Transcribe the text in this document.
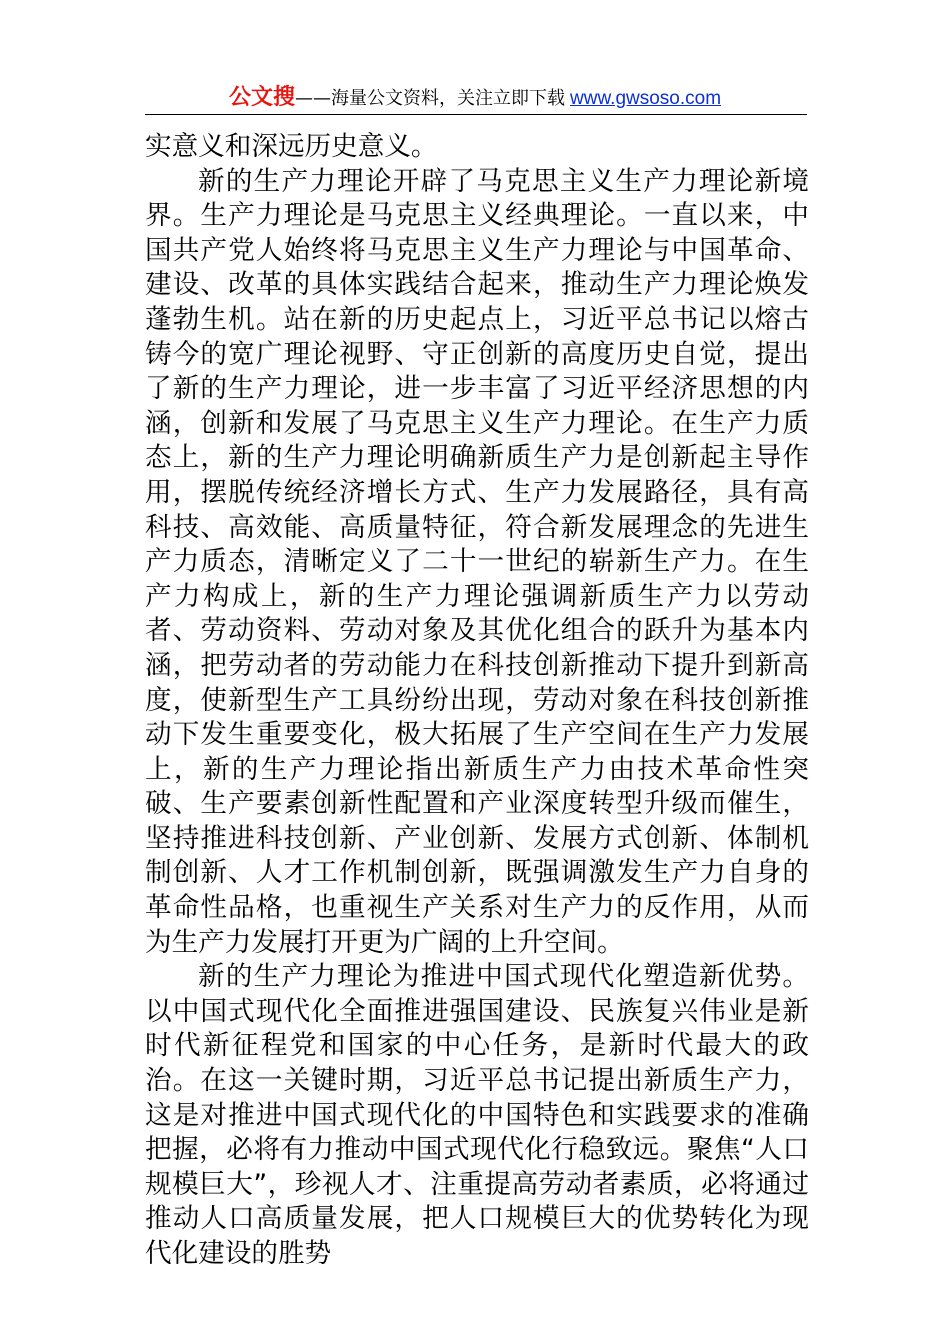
公文搜——海量公文资料，关注立即下载 www.gwsoso.com

实意义和深远历史意义。

新的生产力理论开辟了马克思主义生产力理论新境界。生产力理论是马克思主义经典理论。一直以来，中国共产党人始终将马克思主义生产力理论与中国革命、建设、改革的具体实践结合起来，推动生产力理论焕发蓬勃生机。站在新的历史起点上，习近平总书记以熔古铸今的宽广理论视野、守正创新的高度历史自觉，提出了新的生产力理论，进一步丰富了习近平经济思想的内涵，创新和发展了马克思主义生产力理论。在生产力质态上，新的生产力理论明确新质生产力是创新起主导作用，摆脱传统经济增长方式、生产力发展路径，具有高科技、高效能、高质量特征，符合新发展理念的先进生产力质态，清晰定义了二十一世纪的崭新生产力。在生产力构成上，新的生产力理论强调新质生产力以劳动者、劳动资料、劳动对象及其优化组合的跃升为基本内涵，把劳动者的劳动能力在科技创新推动下提升到新高度，使新型生产工具纷纷出现，劳动对象在科技创新推动下发生重要变化，极大拓展了生产空间在生产力发展上，新的生产力理论指出新质生产力由技术革命性突破、生产要素创新性配置和产业深度转型升级而催生，坚持推进科技创新、产业创新、发展方式创新、体制机制创新、人才工作机制创新，既强调激发生产力自身的革命性品格，也重视生产关系对生产力的反作用，从而为生产力发展打开更为广阔的上升空间。

新的生产力理论为推进中国式现代化塑造新优势。以中国式现代化全面推进强国建设、民族复兴伟业是新时代新征程党和国家的中心任务，是新时代最大的政治。在这一关键时期，习近平总书记提出新质生产力，这是对推进中国式现代化的中国特色和实践要求的准确把握，必将有力推动中国式现代化行稳致远。聚焦“人口规模巨大”，珍视人才、注重提高劳动者素质，必将通过推动人口高质量发展，把人口规模巨大的优势转化为现代化建设的胜势
